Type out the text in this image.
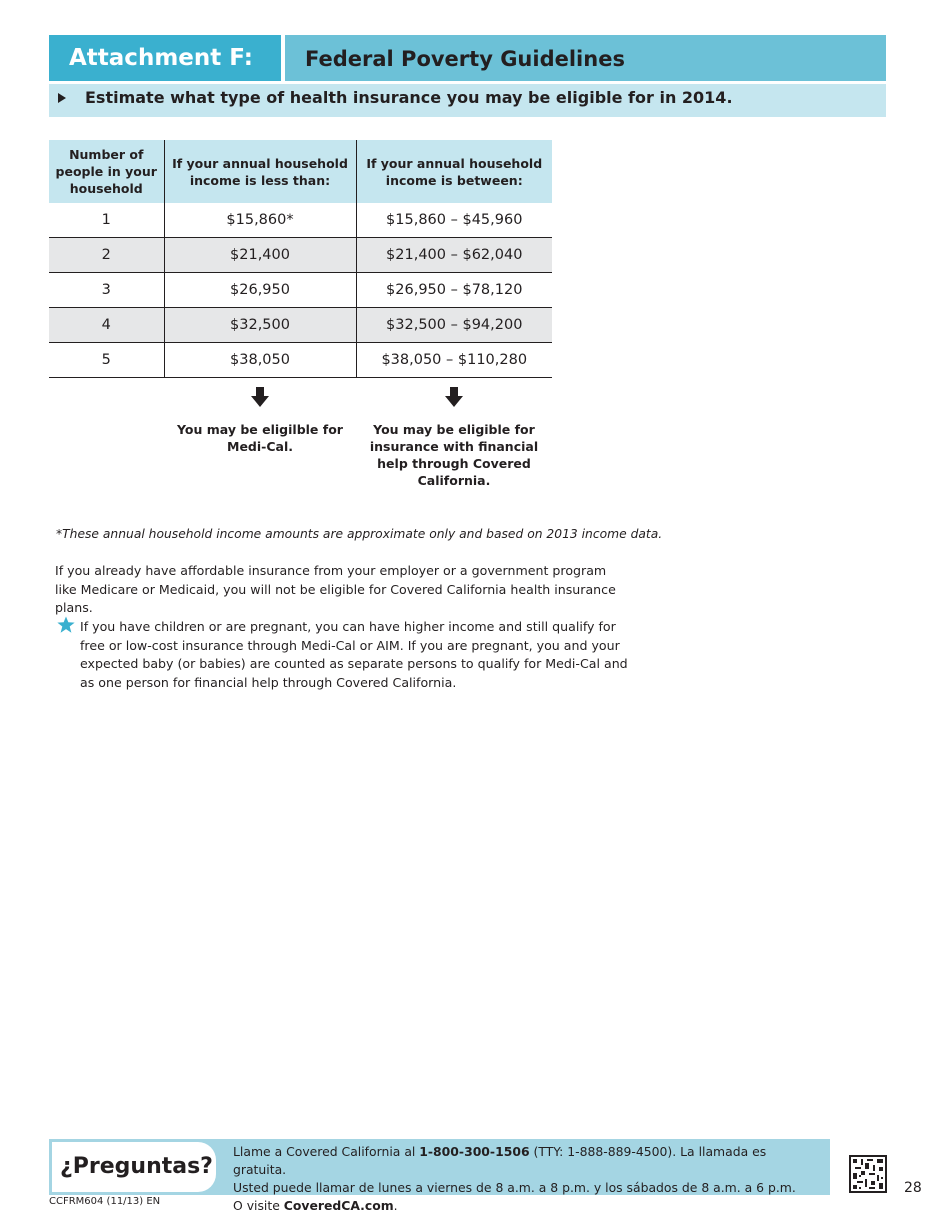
Attachment F:	Federal Poverty Guidelines
Estimate what type of health insurance you may be eligible for in 2014.
Number of people in your household	If your annual household income is less than:	If your annual household income is between:
1	$15,860*	$15,860 – $45,960
2	$21,400	$21,400 – $62,040
3	$26,950	$26,950 – $78,120
4	$32,500	$32,500 – $94,200
5	$38,050	$38,050 – $110,280
You may be eligilble for Medi-Cal.
You may be eligible for insurance with financial help through Covered California.
*These annual household income amounts are approximate only and based on 2013 income data.
If you already have affordable insurance from your employer or a government program like Medicare or Medicaid, you will not be eligible for Covered California health insurance plans.
If you have children or are pregnant, you can have higher income and still qualify for free or low-cost insurance through Medi-Cal or AIM. If you are pregnant, you and your expected baby (or babies) are counted as separate persons to qualify for Medi-Cal and as one person for financial help through Covered California.
¿Preguntas?
Llame a Covered California al 1-800-300-1506 (TTY: 1-888-889-4500). La llamada es gratuita.
Usted puede llamar de lunes a viernes de 8 a.m. a 8 p.m. y los sábados de 8 a.m. a 6 p.m.
O visite CoveredCA.com.
28
CCFRM604 (11/13) EN
